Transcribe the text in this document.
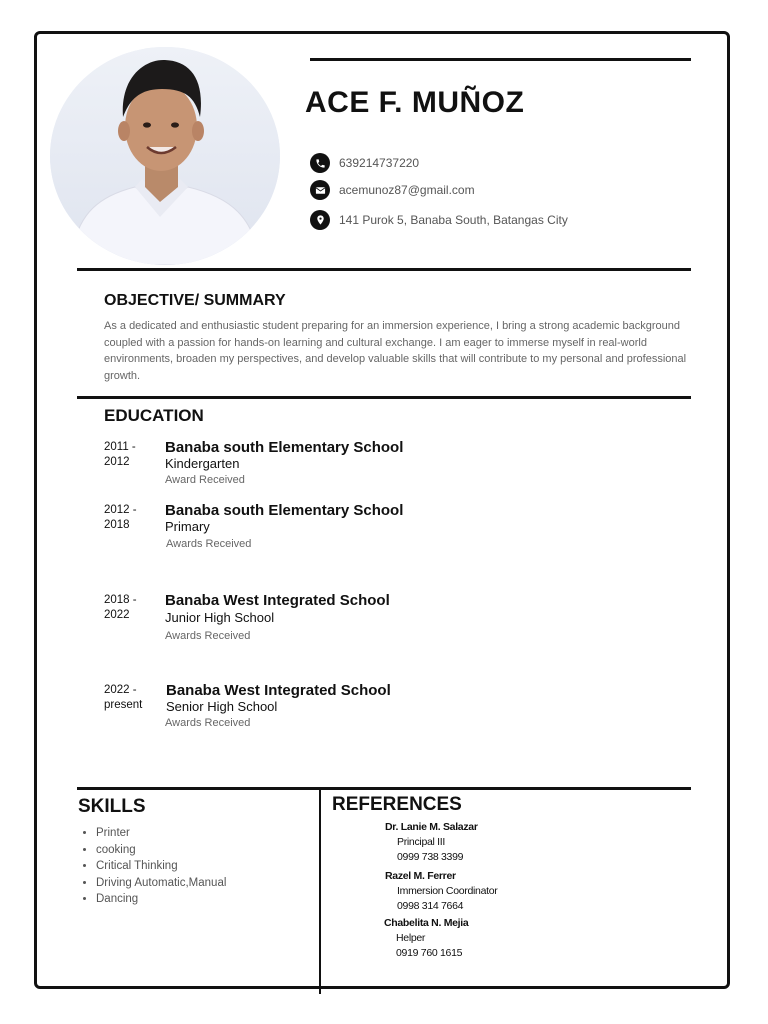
ACE F. MUÑOZ
639214737220
acemunoz87@gmail.com
141 Purok 5, Banaba South, Batangas City
OBJECTIVE/ SUMMARY
As a dedicated and enthusiastic student preparing for an immersion experience, I bring a strong academic background coupled with a passion for hands-on learning and cultural exchange. I am eager to immerse myself in real-world environments, broaden my perspectives, and develop valuable skills that will contribute to my personal and professional growth.
EDUCATION
2011 -
2012
Banaba south Elementary School
Kindergarten
Award Received
2012 -
2018
Banaba south Elementary School
Primary
Awards Received
2018 -
2022
Banaba West Integrated School
Junior High School
Awards Received
2022 -
present
Banaba West Integrated School
Senior High School
Awards Received
SKILLS
• Printer
• cooking
• Critical Thinking
• Driving Automatic,Manual
• Dancing
REFERENCES
Dr. Lanie M. Salazar
Principal III
0999 738 3399
Razel M. Ferrer
Immersion Coordinator
0998 314 7664
Chabelita N. Mejia
Helper
0919 760 1615
